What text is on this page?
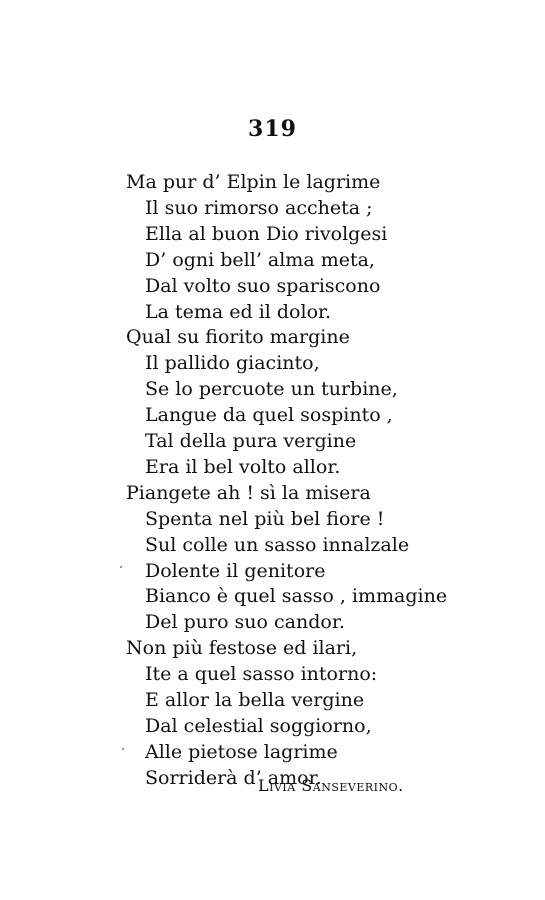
319
Ma pur d’ Elpin le lagrime
Il suo rimorso accheta ;
Ella al buon Dio rivolgesi
D’ ogni bell’ alma meta,
Dal volto suo spariscono
La tema ed il dolor.
Qual su fiorito margine
Il pallido giacinto,
Se lo percuote un turbine,
Langue da quel sospinto ,
Tal della pura vergine
Era il bel volto allor.
Piangete ah ! sì la misera
Spenta nel più bel fiore !
Sul colle un sasso innalzale
Dolente il genitore
Bianco è quel sasso , immagine
Del puro suo candor.
Non più festose ed ilari,
Ite a quel sasso intorno:
E allor la bella vergine
Dal celestial soggiorno,
Alle pietose lagrime
Sorriderà d’ amor.
Livia Sanseverino.
